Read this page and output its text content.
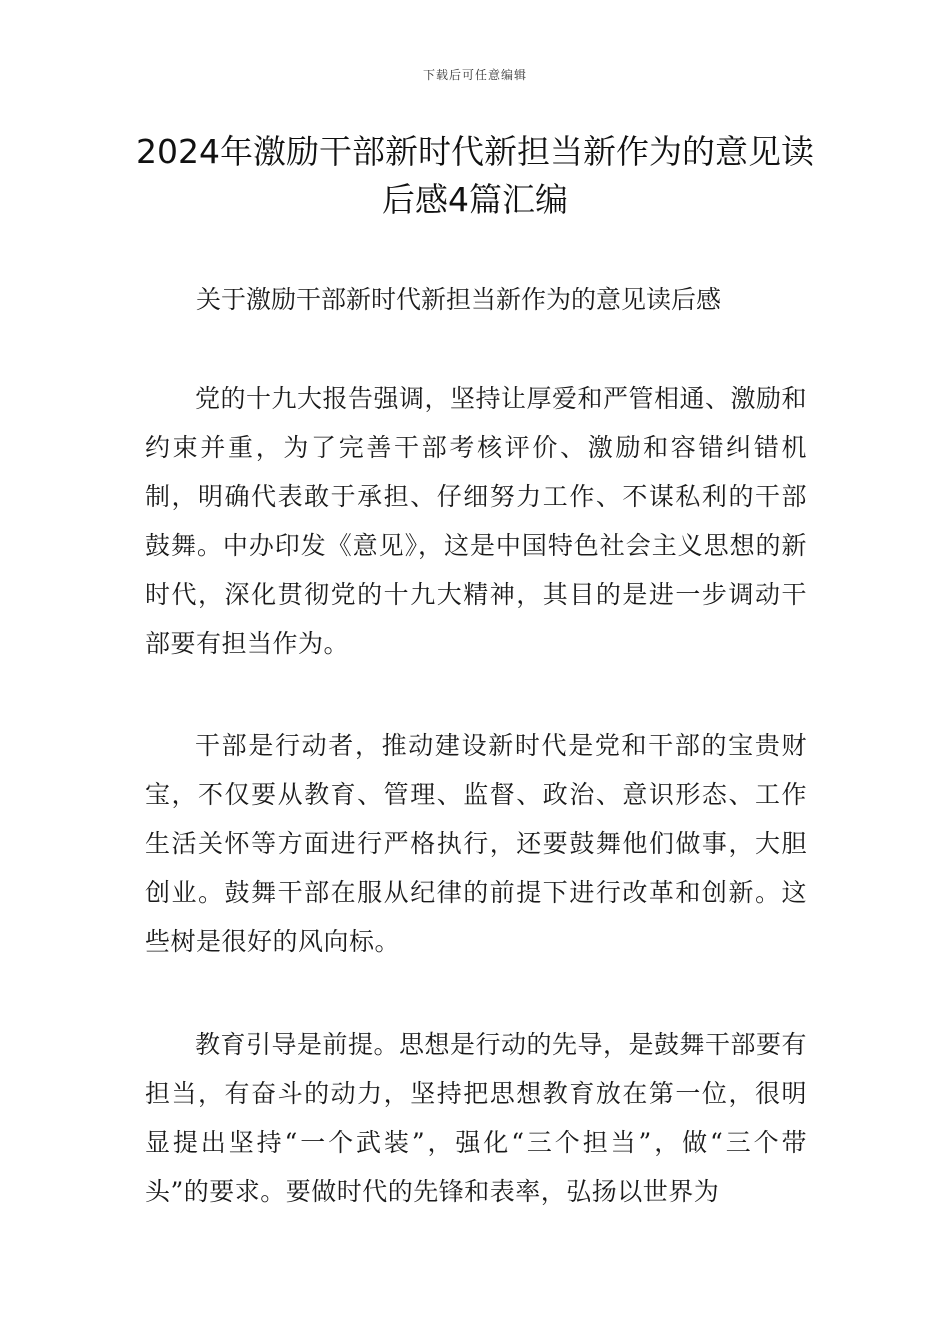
下载后可任意编辑
2024年激励干部新时代新担当新作为的意见读后感4篇汇编

关于激励干部新时代新担当新作为的意见读后感

党的十九大报告强调，坚持让厚爱和严管相通、激励和约束并重，为了完善干部考核评价、激励和容错纠错机制，明确代表敢于承担、仔细努力工作、不谋私利的干部鼓舞。中办印发《意见》，这是中国特色社会主义思想的新时代，深化贯彻党的十九大精神，其目的是进一步调动干部要有担当作为。

干部是行动者，推动建设新时代是党和干部的宝贵财宝，不仅要从教育、管理、监督、政治、意识形态、工作生活关怀等方面进行严格执行，还要鼓舞他们做事，大胆创业。鼓舞干部在服从纪律的前提下进行改革和创新。这些树是很好的风向标。

教育引导是前提。思想是行动的先导，是鼓舞干部要有担当，有奋斗的动力，坚持把思想教育放在第一位，很明显提出坚持“一个武装”，强化“三个担当”，做“三个带头”的要求。要做时代的先锋和表率，弘扬以世界为
